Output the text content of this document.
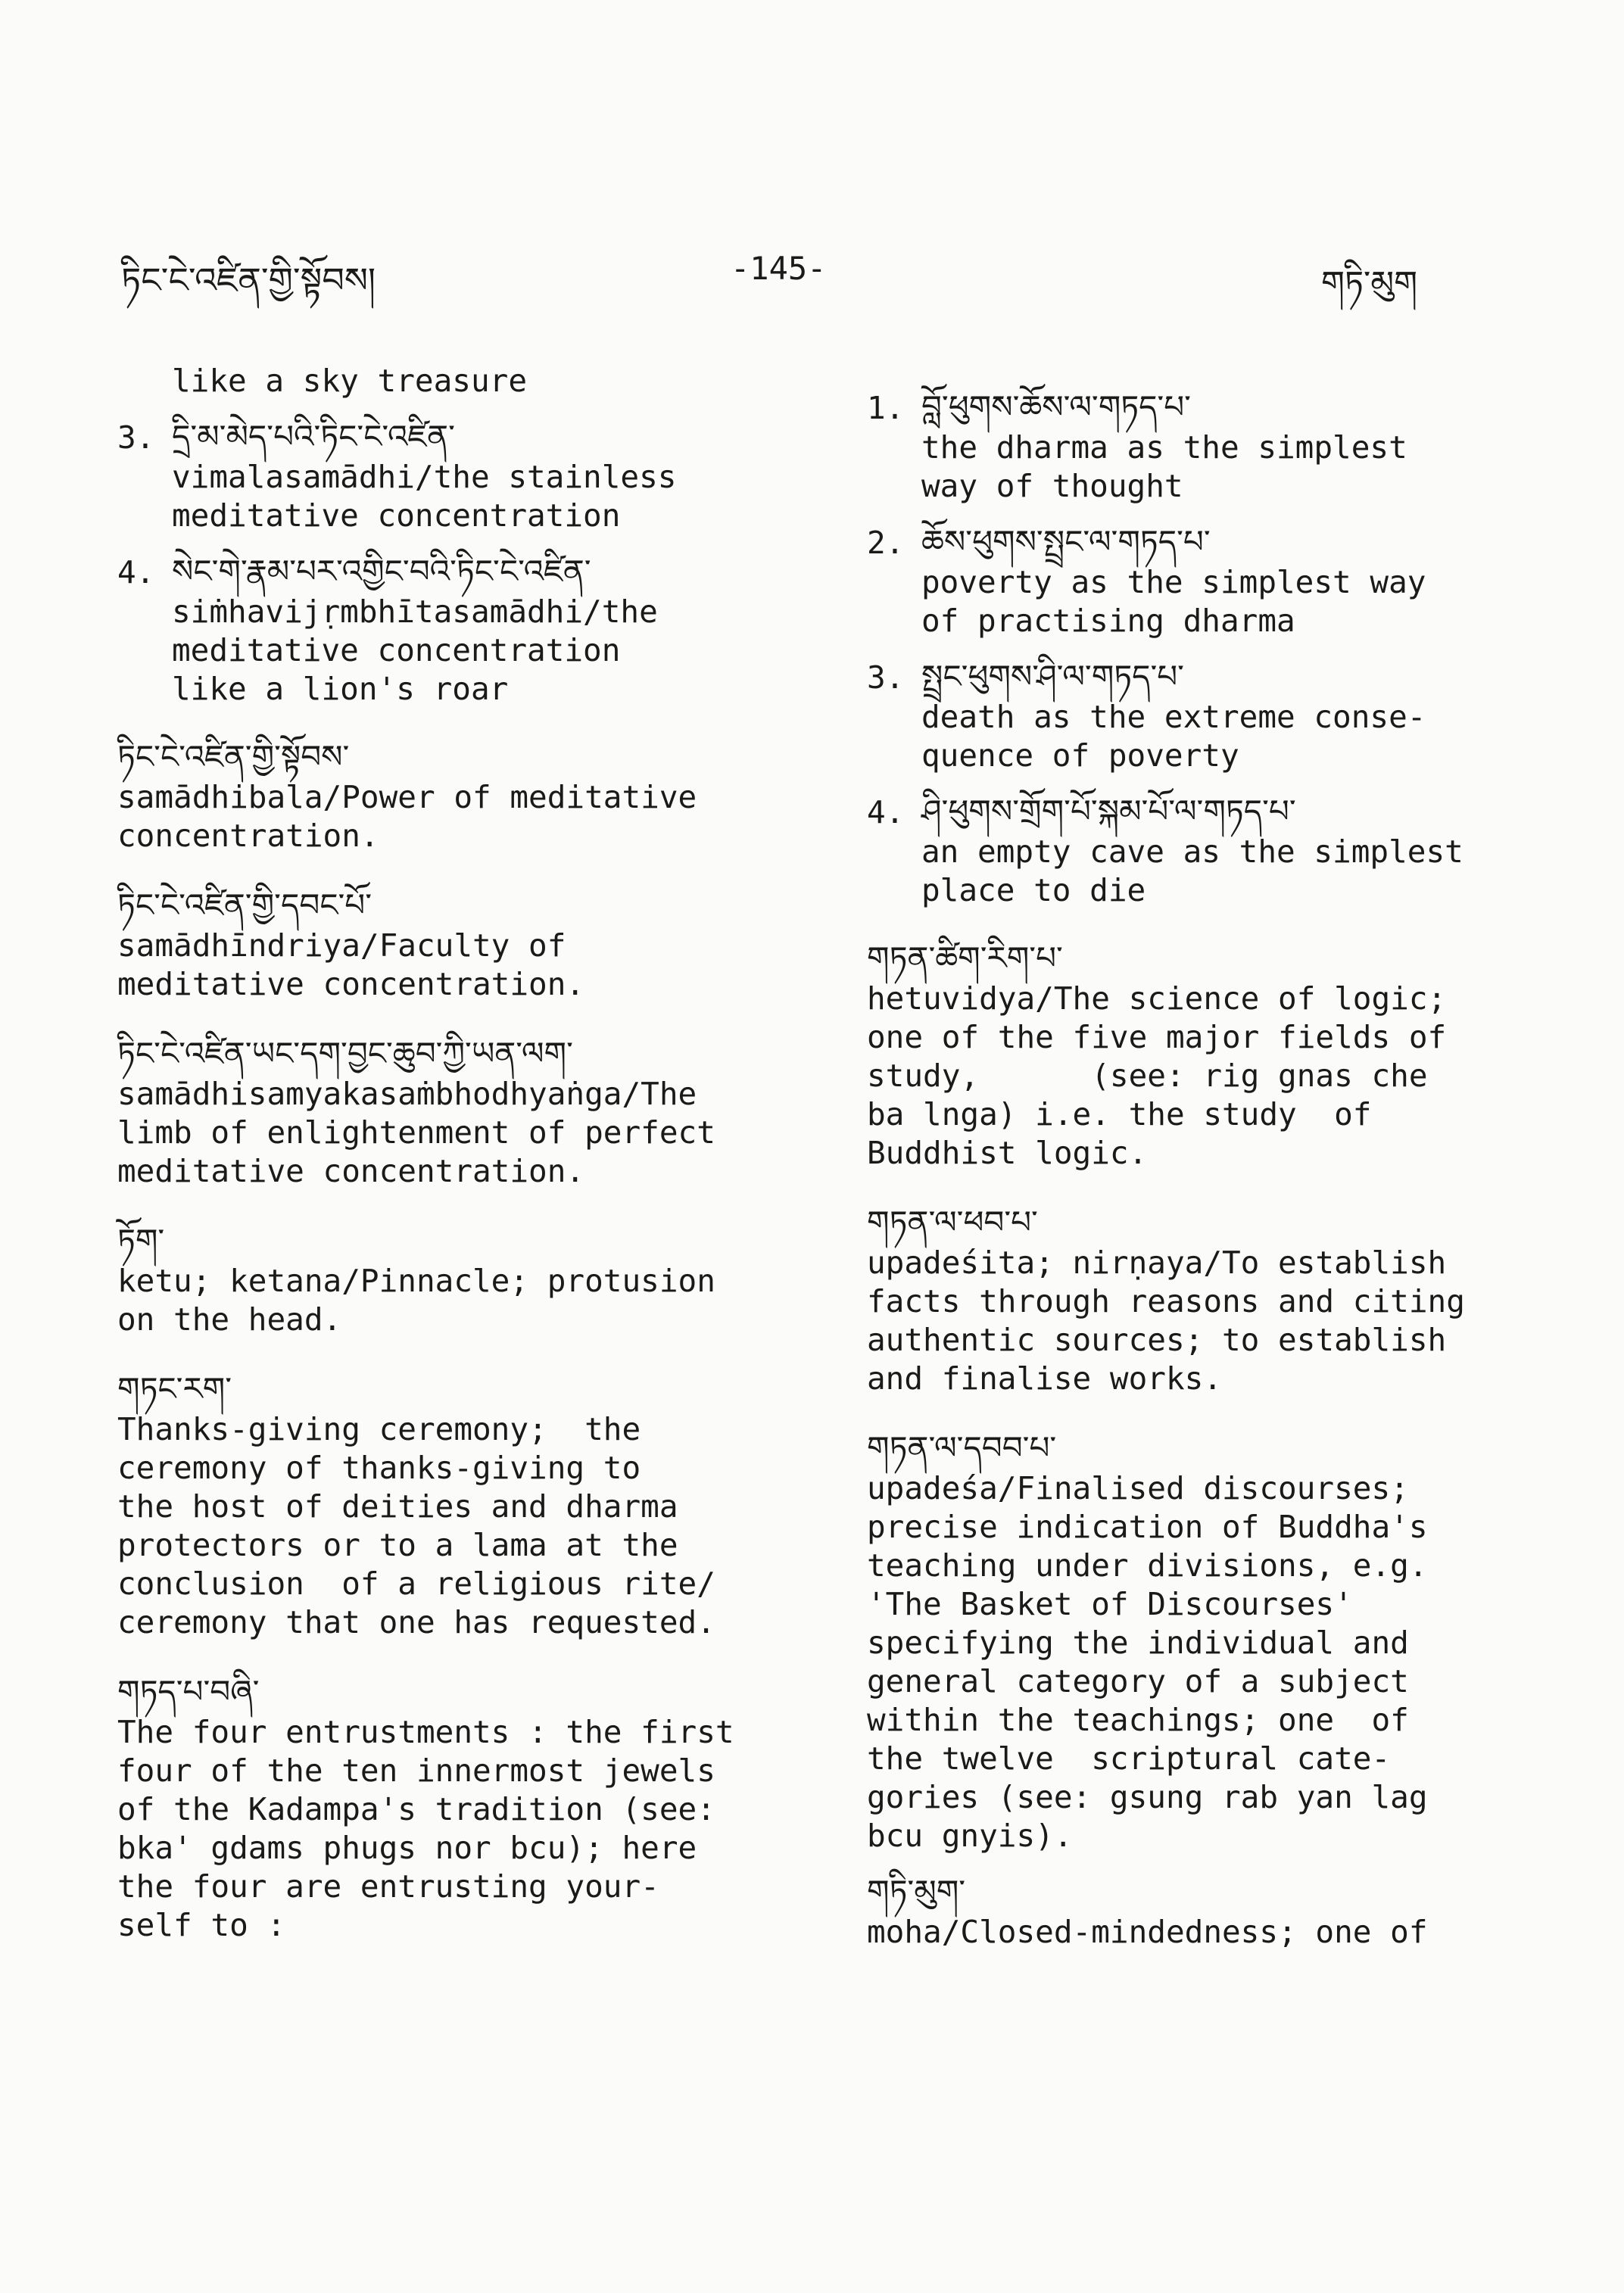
ཏིང་ངེ་འཛིན་གྱི་སྟོབས།	-145-	གཏི་མུག
like a sky treasure
3. དྲི་མ་མེད་པའི་ཏིང་ངེ་འཛིན་
vimalasamādhi/the stainless
meditative concentration
4. སེང་གེ་རྣམ་པར་འགྱིང་བའི་ཏིང་ངེ་འཛིན་
siṁhavijṛmbhītasamādhi/the
meditative concentration
like a lion's roar
ཏིང་ངེ་འཛིན་གྱི་སྟོབས་
samādhibala/Power of meditative
concentration.
ཏིང་ངེ་འཛིན་གྱི་དབང་པོ་
samādhīndriya/Faculty of
meditative concentration.
ཏིང་ངེ་འཛིན་ཡང་དག་བྱང་ཆུབ་ཀྱི་ཡན་ལག་
samādhisamyakasaṁbhodhyaṅga/The
limb of enlightenment of perfect
meditative concentration.
ཏོག་
ketu; ketana/Pinnacle; protusion
on the head.
གཏང་རག་
Thanks-giving ceremony;  the
ceremony of thanks-giving to
the host of deities and dharma
protectors or to a lama at the
conclusion  of a religious rite/
ceremony that one has requested.
གཏད་པ་བཞི་
The four entrustments : the first
four of the ten innermost jewels
of the Kadampa's tradition (see:
bka' gdams phugs nor bcu); here
the four are entrusting your-
self to :
1. བློ་ཕུགས་ཆོས་ལ་གཏད་པ་
the dharma as the simplest
way of thought
2. ཆོས་ཕུགས་སྤྲང་ལ་གཏད་པ་
poverty as the simplest way
of practising dharma
3. སྤྲང་ཕུགས་ཤི་ལ་གཏད་པ་
death as the extreme conse-
quence of poverty
4. ཤི་ཕུགས་གྲོག་པོ་སྐམ་པོ་ལ་གཏད་པ་
an empty cave as the simplest
place to die
གཏན་ཚིག་རིག་པ་
hetuvidya/The science of logic;
one of the five major fields of
study,      (see: rig gnas che
ba lnga) i.e. the study  of
Buddhist logic.
གཏན་ལ་ཕབ་པ་
upadeśita; nirṇaya/To establish
facts through reasons and citing
authentic sources; to establish
and finalise works.
གཏན་ལ་དབབ་པ་
upadeśa/Finalised discourses;
precise indication of Buddha's
teaching under divisions, e.g.
'The Basket of Discourses'
specifying the individual and
general category of a subject
within the teachings; one  of
the twelve  scriptural cate-
gories (see: gsung rab yan lag
bcu gnyis).
གཏི་མུག་
moha/Closed-mindedness; one of
